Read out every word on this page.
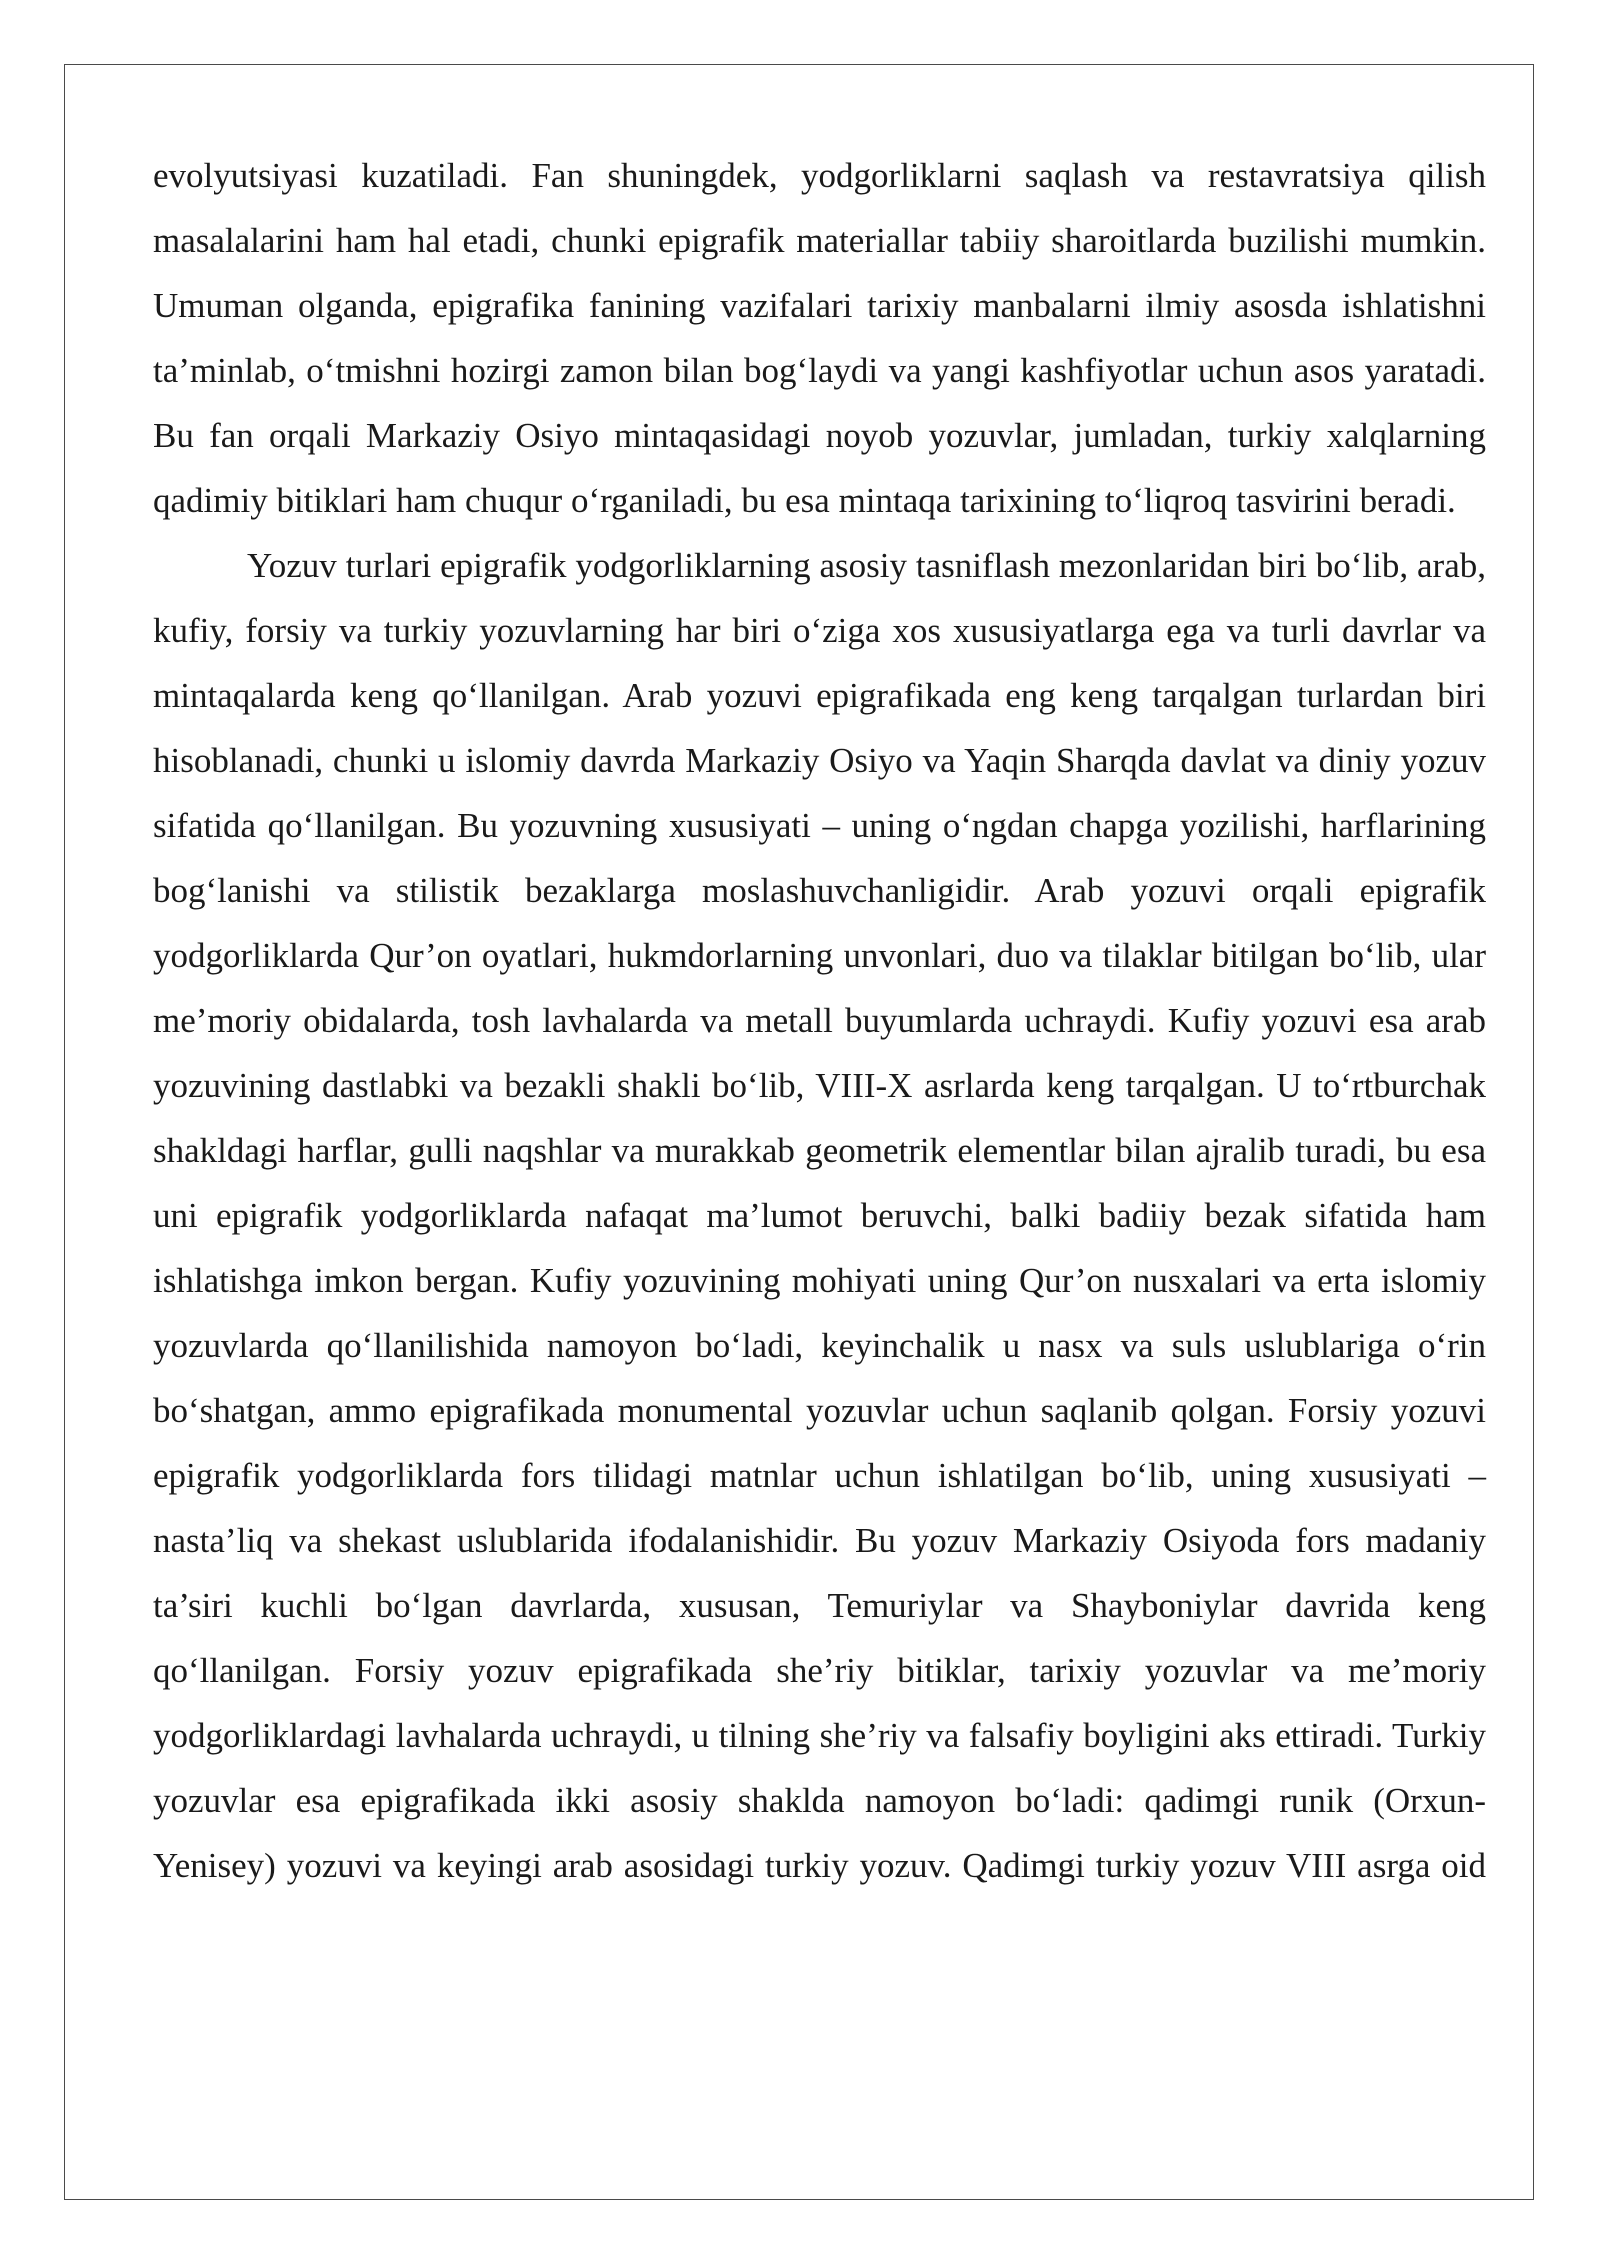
evolyutsiyasi kuzatiladi. Fan shuningdek, yodgorliklarni saqlash va restavratsiya qilish masalalarini ham hal etadi, chunki epigrafik materiallar tabiiy sharoitlarda buzilishi mumkin. Umuman olganda, epigrafika fanining vazifalari tarixiy manbalarni ilmiy asosda ishlatishni ta’minlab, o‘tmishni hozirgi zamon bilan bog‘laydi va yangi kashfiyotlar uchun asos yaratadi. Bu fan orqali Markaziy Osiyo mintaqasidagi noyob yozuvlar, jumladan, turkiy xalqlarning qadimiy bitiklari ham chuqur o‘rganiladi, bu esa mintaqa tarixining to‘liqroq tasvirini beradi.

Yozuv turlari epigrafik yodgorliklarning asosiy tasniflash mezonlaridan biri bo‘lib, arab, kufiy, forsiy va turkiy yozuvlarning har biri o‘ziga xos xususiyatlarga ega va turli davrlar va mintaqalarda keng qo‘llanilgan. Arab yozuvi epigrafikada eng keng tarqalgan turlardan biri hisoblanadi, chunki u islomiy davrda Markaziy Osiyo va Yaqin Sharqda davlat va diniy yozuv sifatida qo‘llanilgan. Bu yozuvning xususiyati – uning o‘ngdan chapga yozilishi, harflarining bog‘lanishi va stilistik bezaklarga moslashuvchanligidir. Arab yozuvi orqali epigrafik yodgorliklarda Qur’on oyatlari, hukmdorlarning unvonlari, duo va tilaklar bitilgan bo‘lib, ular me’moriy obidalarda, tosh lavhalarda va metall buyumlarda uchraydi. Kufiy yozuvi esa arab yozuvining dastlabki va bezakli shakli bo‘lib, VIII-X asrlarda keng tarqalgan. U to‘rtburchak shakldagi harflar, gulli naqshlar va murakkab geometrik elementlar bilan ajralib turadi, bu esa uni epigrafik yodgorliklarda nafaqat ma’lumot beruvchi, balki badiiy bezak sifatida ham ishlatishga imkon bergan. Kufiy yozuvining mohiyati uning Qur’on nusxalari va erta islomiy yozuvlarda qo‘llanilishida namoyon bo‘ladi, keyinchalik u nasx va suls uslublariga o‘rin bo‘shatgan, ammo epigrafikada monumental yozuvlar uchun saqlanib qolgan. Forsiy yozuvi epigrafik yodgorliklarda fors tilidagi matnlar uchun ishlatilgan bo‘lib, uning xususiyati – nasta’liq va shekast uslublarida ifodalanishidir. Bu yozuv Markaziy Osiyoda fors madaniy ta’siri kuchli bo‘lgan davrlarda, xususan, Temuriylar va Shayboniylar davrida keng qo‘llanilgan. Forsiy yozuv epigrafikada she’riy bitiklar, tarixiy yozuvlar va me’moriy yodgorliklardagi lavhalarda uchraydi, u tilning she’riy va falsafiy boyligini aks ettiradi. Turkiy yozuvlar esa epigrafikada ikki asosiy shaklda namoyon bo‘ladi: qadimgi runik (Orxun-Yenisey) yozuvi va keyingi arab asosidagi turkiy yozuv. Qadimgi turkiy yozuv VIII asrga oid
